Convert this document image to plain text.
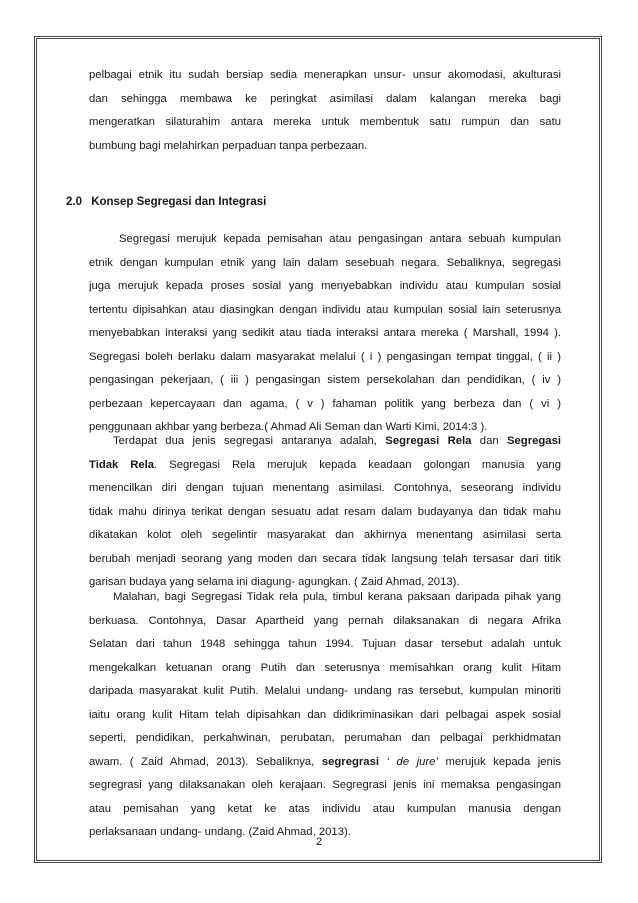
pelbagai etnik itu sudah bersiap sedia menerapkan unsur- unsur akomodasi, akulturasi
dan sehingga membawa ke peringkat asimilasi dalam kalangan mereka bagi
mengeratkan silaturahim antara mereka untuk membentuk satu rumpun dan satu
bumbung bagi melahirkan perpaduan tanpa perbezaan.
2.0 Konsep Segregasi dan Integrasi
Segregasi merujuk kepada pemisahan atau pengasingan antara sebuah kumpulan
etnik dengan kumpulan etnik yang lain dalam sesebuah negara. Sebaliknya, segregasi
juga merujuk kepada proses sosial yang menyebabkan individu atau kumpulan sosial
tertentu dipisahkan atau diasingkan dengan individu atau kumpulan sosial lain seterusnya
menyebabkan interaksi yang sedikit atau tiada interaksi antara mereka ( Marshall, 1994 ).
Segregasi boleh berlaku dalam masyarakat melalui ( i ) pengasingan tempat tinggal, ( ii )
pengasingan pekerjaan, ( iii ) pengasingan sistem persekolahan dan pendidikan, ( iv )
perbezaan kepercayaan dan agama, ( v ) fahaman politik yang berbeza dan ( vi )
penggunaan akhbar yang berbeza.( Ahmad Ali Seman dan Warti Kimi, 2014:3 ).
Terdapat dua jenis segregasi antaranya adalah, Segregasi Rela dan Segregasi
Tidak Rela. Segregasi Rela merujuk kepada keadaan golongan manusia yang
menencilkan diri dengan tujuan menentang asimilasi. Contohnya, seseorang individu
tidak mahu dirinya terikat dengan sesuatu adat resam dalam budayanya dan tidak mahu
dikatakan kolot oleh segelintir masyarakat dan akhirnya menentang asimilasi serta
berubah menjadi seorang yang moden dan secara tidak langsung telah tersasar dari titik
garisan budaya yang selama ini diagung- agungkan. ( Zaid Ahmad, 2013).
Malahan, bagi Segregasi Tidak rela pula, timbul kerana paksaan daripada pihak yang
berkuasa. Contohnya, Dasar Apartheid yang pernah dilaksanakan di negara Afrika
Selatan dari tahun 1948 sehingga tahun 1994. Tujuan dasar tersebut adalah untuk
mengekalkan ketuanan orang Putih dan seterusnya memisahkan orang kulit Hitam
daripada masyarakat kulit Putih. Melalui undang- undang ras tersebut, kumpulan minoriti
iaitu orang kulit Hitam telah dipisahkan dan didikriminasikan dari pelbagai aspek sosial
seperti, pendidikan, perkahwinan, perubatan, perumahan dan pelbagai perkhidmatan
awam. ( Zaid Ahmad, 2013). Sebaliknya, segregrasi ‘ de jure’ merujuk kepada jenis
segregrasi yang dilaksanakan oleh kerajaan. Segregrasi jenis ini memaksa pengasingan
atau pemisahan yang ketat ke atas individu atau kumpulan manusia dengan
perlaksanaan undang- undang. (Zaid Ahmad, 2013).
2
